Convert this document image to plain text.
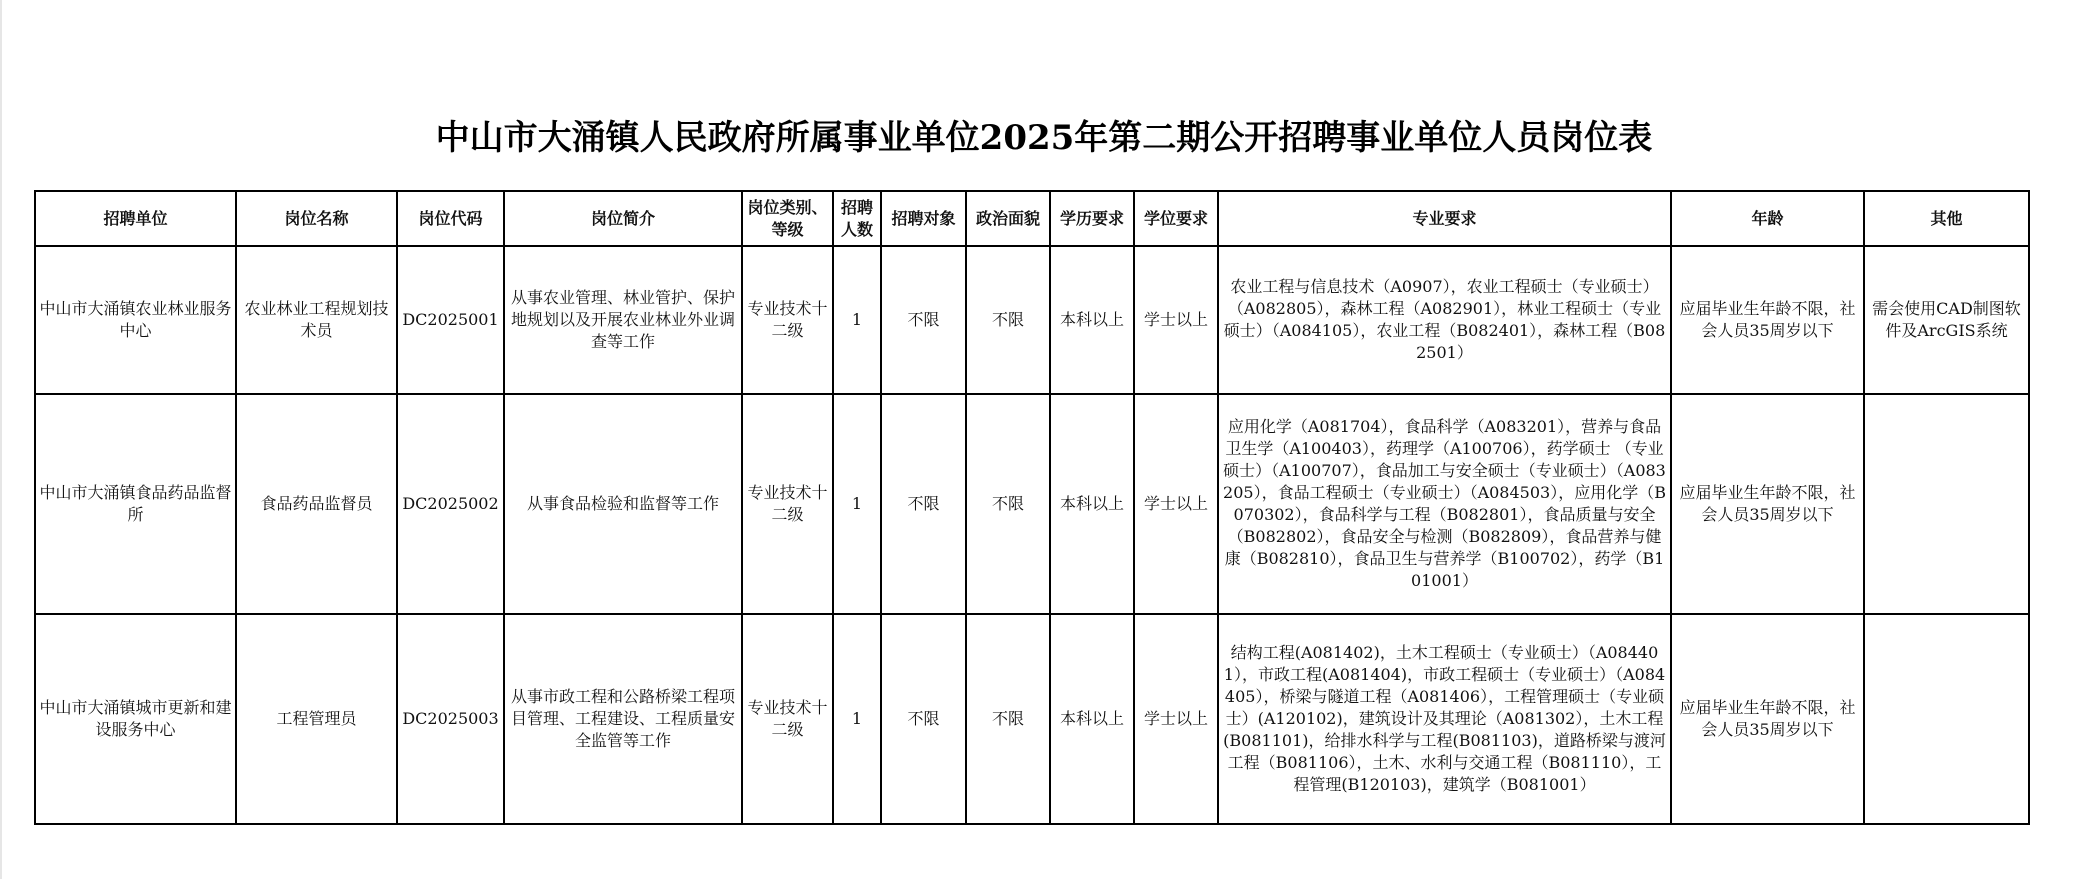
中山市大涌镇人民政府所属事业单位2025年第二期公开招聘事业单位人员岗位表
招聘单位	岗位名称	岗位代码	岗位简介	岗位类别、等级	招聘人数	招聘对象	政治面貌	学历要求	学位要求	专业要求	年龄	其他
中山市大涌镇农业林业服务中心	农业林业工程规划技术员	DC2025001	从事农业管理、林业管护、保护地规划以及开展农业林业外业调查等工作	专业技术十二级	1	不限	不限	本科以上	学士以上	农业工程与信息技术（A0907），农业工程硕士（专业硕士）（A082805），森林工程（A082901），林业工程硕士（专业硕士）（A084105），农业工程（B082401），森林工程（B082501）	应届毕业生年龄不限，社会人员35周岁以下	需会使用CAD制图软件及ArcGIS系统
中山市大涌镇食品药品监督所	食品药品监督员	DC2025002	从事食品检验和监督等工作	专业技术十二级	1	不限	不限	本科以上	学士以上	应用化学（A081704），食品科学（A083201），营养与食品卫生学（A100403），药理学（A100706），药学硕士 （专业硕士）（A100707），食品加工与安全硕士（专业硕士）（A083205），食品工程硕士（专业硕士）（A084503），应用化学（B070302），食品科学与工程（B082801），食品质量与安全（B082802），食品安全与检测（B082809），食品营养与健康（B082810），食品卫生与营养学（B100702），药学（B101001）	应届毕业生年龄不限，社会人员35周岁以下	
中山市大涌镇城市更新和建设服务中心	工程管理员	DC2025003	从事市政工程和公路桥梁工程项目管理、工程建设、工程质量安全监管等工作	专业技术十二级	1	不限	不限	本科以上	学士以上	结构工程(A081402)，土木工程硕士（专业硕士）（A084401），市政工程(A081404)，市政工程硕士（专业硕士）（A084405），桥梁与隧道工程（A081406），工程管理硕士（专业硕士）(A120102)，建筑设计及其理论（A081302），土木工程(B081101)，给排水科学与工程(B081103)，道路桥梁与渡河工程（B081106），土木、水利与交通工程（B081110），工程管理(B120103)，建筑学（B081001）	应届毕业生年龄不限，社会人员35周岁以下	
